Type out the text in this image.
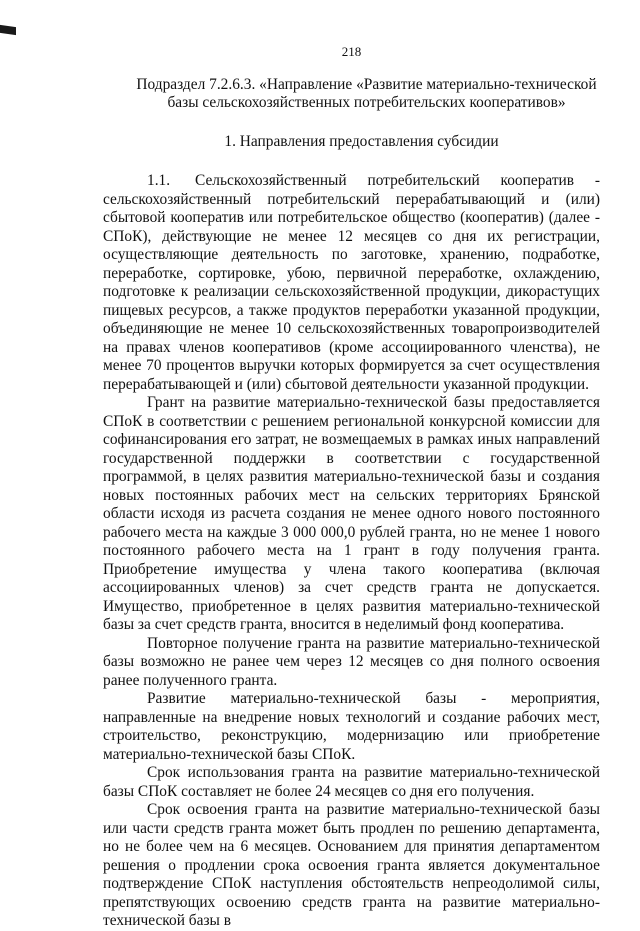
218
Подраздел 7.2.6.3. «Направление «Развитие материально-технической базы сельскохозяйственных потребительских кооперативов»
1. Направления предоставления субсидии

1.1. Сельскохозяйственный потребительский кооператив - сельскохозяйственный потребительский перерабатывающий и (или) сбытовой кооператив или потребительское общество (кооператив) (далее - СПоК), действующие не менее 12 месяцев со дня их регистрации, осуществляющие деятельность по заготовке, хранению, подработке, переработке, сортировке, убою, первичной переработке, охлаждению, подготовке к реализации сельскохозяйственной продукции, дикорастущих пищевых ресурсов, а также продуктов переработки указанной продукции, объединяющие не менее 10 сельскохозяйственных товаропроизводителей на правах членов кооперативов (кроме ассоциированного членства), не менее 70 процентов выручки которых формируется за счет осуществления перерабатывающей и (или) сбытовой деятельности указанной продукции.

Грант на развитие материально-технической базы предоставляется СПоК в соответствии с решением региональной конкурсной комиссии для софинансирования его затрат, не возмещаемых в рамках иных направлений государственной поддержки в соответствии с государственной программой, в целях развития материально-технической базы и создания новых постоянных рабочих мест на сельских территориях Брянской области исходя из расчета создания не менее одного нового постоянного рабочего места на каждые 3 000 000,0 рублей гранта, но не менее 1 нового постоянного рабочего места на 1 грант в году получения гранта. Приобретение имущества у члена такого кооператива (включая ассоциированных членов) за счет средств гранта не допускается. Имущество, приобретенное в целях развития материально-технической базы за счет средств гранта, вносится в неделимый фонд кооператива.

Повторное получение гранта на развитие материально-технической базы возможно не ранее чем через 12 месяцев со дня полного освоения ранее полученного гранта.

Развитие материально-технической базы - мероприятия, направленные на внедрение новых технологий и создание рабочих мест, строительство, реконструкцию, модернизацию или приобретение материально-технической базы СПоК.

Срок использования гранта на развитие материально-технической базы СПоК составляет не более 24 месяцев со дня его получения.

Срок освоения гранта на развитие материально-технической базы или части средств гранта может быть продлен по решению департамента, но не более чем на 6 месяцев. Основанием для принятия департаментом решения о продлении срока освоения гранта является документальное подтверждение СПоК наступления обстоятельств непреодолимой силы, препятствующих освоению средств гранта на развитие материально-технической базы в
